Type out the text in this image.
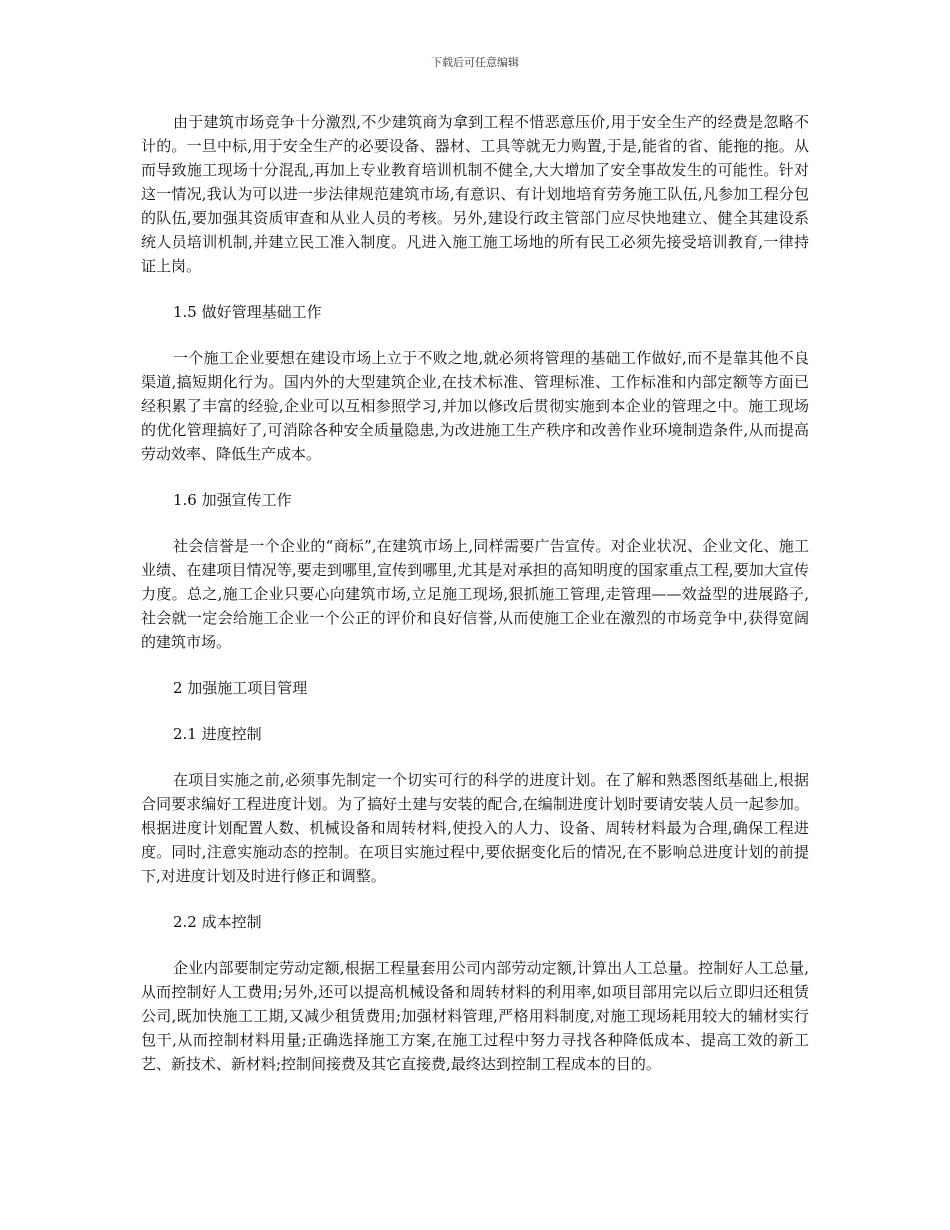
下载后可任意编辑

由于建筑市场竞争十分激烈,不少建筑商为拿到工程不惜恶意压价,用于安全生产的经费是忽略不计的。一旦中标,用于安全生产的必要设备、器材、工具等就无力购置,于是,能省的省、能拖的拖。从而导致施工现场十分混乱,再加上专业教育培训机制不健全,大大增加了安全事故发生的可能性。针对这一情况,我认为可以进一步法律规范建筑市场,有意识、有计划地培育劳务施工队伍,凡参加工程分包的队伍,要加强其资质审查和从业人员的考核。另外,建设行政主管部门应尽快地建立、健全其建设系统人员培训机制,并建立民工准入制度。凡进入施工施工场地的所有民工必须先接受培训教育,一律持证上岗。

1.5 做好管理基础工作

一个施工企业要想在建设市场上立于不败之地,就必须将管理的基础工作做好,而不是靠其他不良渠道,搞短期化行为。国内外的大型建筑企业,在技术标准、管理标准、工作标准和内部定额等方面已经积累了丰富的经验,企业可以互相参照学习,并加以修改后贯彻实施到本企业的管理之中。施工现场的优化管理搞好了,可消除各种安全质量隐患,为改进施工生产秩序和改善作业环境制造条件,从而提高劳动效率、降低生产成本。

1.6 加强宣传工作

社会信誉是一个企业的“商标”,在建筑市场上,同样需要广告宣传。对企业状况、企业文化、施工业绩、在建项目情况等,要走到哪里,宣传到哪里,尤其是对承担的高知明度的国家重点工程,要加大宣传力度。总之,施工企业只要心向建筑市场,立足施工现场,狠抓施工管理,走管理——效益型的进展路子,社会就一定会给施工企业一个公正的评价和良好信誉,从而使施工企业在激烈的市场竞争中,获得宽阔的建筑市场。

2 加强施工项目管理

2.1 进度控制

在项目实施之前,必须事先制定一个切实可行的科学的进度计划。在了解和熟悉图纸基础上,根据合同要求编好工程进度计划。为了搞好土建与安装的配合,在编制进度计划时要请安装人员一起参加。根据进度计划配置人数、机械设备和周转材料,使投入的人力、设备、周转材料最为合理,确保工程进度。同时,注意实施动态的控制。在项目实施过程中,要依据变化后的情况,在不影响总进度计划的前提下,对进度计划及时进行修正和调整。

2.2 成本控制

企业内部要制定劳动定额,根据工程量套用公司内部劳动定额,计算出人工总量。控制好人工总量,从而控制好人工费用;另外,还可以提高机械设备和周转材料的利用率,如项目部用完以后立即归还租赁公司,既加快施工工期,又减少租赁费用;加强材料管理,严格用料制度,对施工现场耗用较大的辅材实行包干,从而控制材料用量;正确选择施工方案,在施工过程中努力寻找各种降低成本、提高工效的新工艺、新技术、新材料;控制间接费及其它直接费,最终达到控制工程成本的目的。
